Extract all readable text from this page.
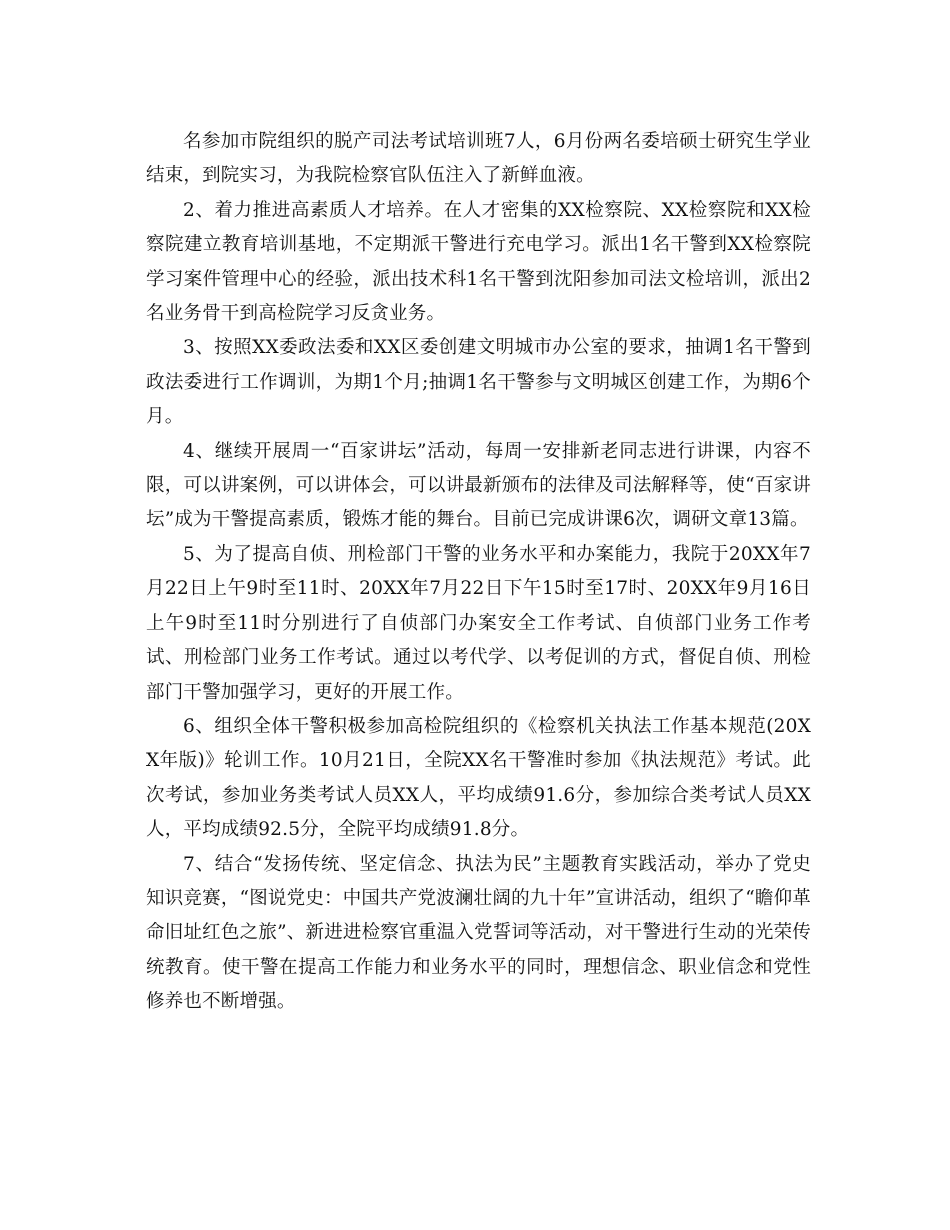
名参加市院组织的脱产司法考试培训班7人，6月份两名委培硕士研究生学业结束，到院实习，为我院检察官队伍注入了新鲜血液。

2、着力推进高素质人才培养。在人才密集的XX检察院、XX检察院和XX检察院建立教育培训基地，不定期派干警进行充电学习。派出1名干警到XX检察院学习案件管理中心的经验，派出技术科1名干警到沈阳参加司法文检培训，派出2名业务骨干到高检院学习反贪业务。

3、按照XX委政法委和XX区委创建文明城市办公室的要求，抽调1名干警到政法委进行工作调训，为期1个月;抽调1名干警参与文明城区创建工作，为期6个月。

4、继续开展周一“百家讲坛”活动，每周一安排新老同志进行讲课，内容不限，可以讲案例，可以讲体会，可以讲最新颁布的法律及司法解释等，使“百家讲坛”成为干警提高素质，锻炼才能的舞台。目前已完成讲课6次，调研文章13篇。

5、为了提高自侦、刑检部门干警的业务水平和办案能力，我院于20XX年7月22日上午9时至11时、20XX年7月22日下午15时至17时、20XX年9月16日上午9时至11时分别进行了自侦部门办案安全工作考试、自侦部门业务工作考试、刑检部门业务工作考试。通过以考代学、以考促训的方式，督促自侦、刑检部门干警加强学习，更好的开展工作。

6、组织全体干警积极参加高检院组织的《检察机关执法工作基本规范(20XX年版)》轮训工作。10月21日，全院XX名干警准时参加《执法规范》考试。此次考试，参加业务类考试人员XX人，平均成绩91.6分，参加综合类考试人员XX人，平均成绩92.5分，全院平均成绩91.8分。

7、结合“发扬传统、坚定信念、执法为民”主题教育实践活动，举办了党史知识竞赛，“图说党史：中国共产党波澜壮阔的九十年”宣讲活动，组织了“瞻仰革命旧址红色之旅”、新进进检察官重温入党誓词等活动，对干警进行生动的光荣传统教育。使干警在提高工作能力和业务水平的同时，理想信念、职业信念和党性修养也不断增强。
